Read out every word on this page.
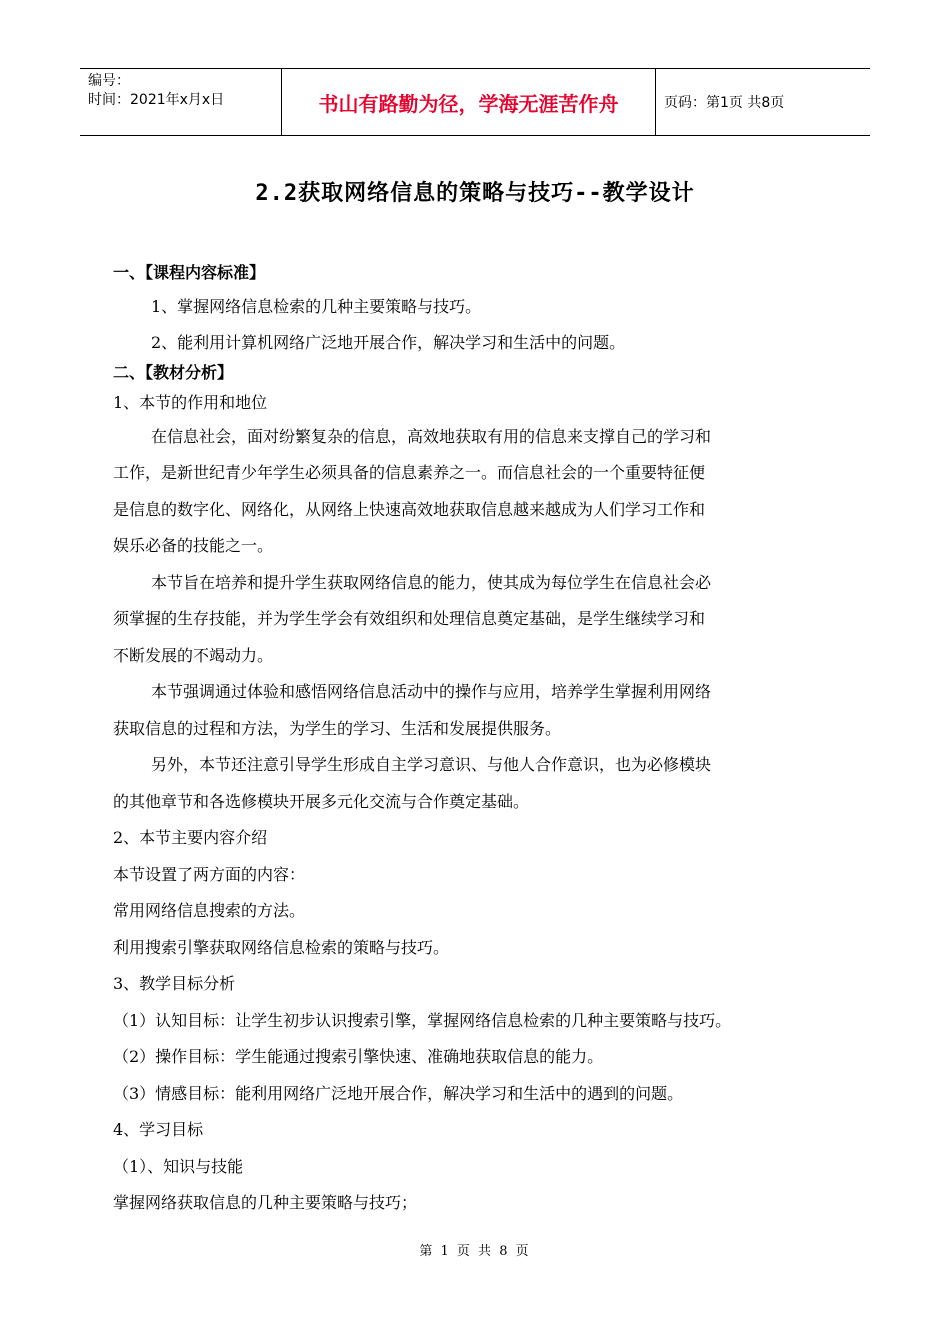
编号：
时间：2021年x月x日	书山有路勤为径，学海无涯苦作舟	页码：第1页 共8页
2.2获取网络信息的策略与技巧--教学设计
一、【课程内容标准】
1、掌握网络信息检索的几种主要策略与技巧。
2、能利用计算机网络广泛地开展合作，解决学习和生活中的问题。
二、【教材分析】
1、本节的作用和地位
在信息社会，面对纷繁复杂的信息，高效地获取有用的信息来支撑自己的学习和
工作，是新世纪青少年学生必须具备的信息素养之一。而信息社会的一个重要特征便
是信息的数字化、网络化，从网络上快速高效地获取信息越来越成为人们学习工作和
娱乐必备的技能之一。
本节旨在培养和提升学生获取网络信息的能力，使其成为每位学生在信息社会必
须掌握的生存技能，并为学生学会有效组织和处理信息奠定基础，是学生继续学习和
不断发展的不竭动力。
本节强调通过体验和感悟网络信息活动中的操作与应用，培养学生掌握利用网络
获取信息的过程和方法，为学生的学习、生活和发展提供服务。
另外，本节还注意引导学生形成自主学习意识、与他人合作意识，也为必修模块
的其他章节和各选修模块开展多元化交流与合作奠定基础。
2、本节主要内容介绍
本节设置了两方面的内容：
常用网络信息搜索的方法。
利用搜索引擎获取网络信息检索的策略与技巧。
3、教学目标分析
（1）认知目标：让学生初步认识搜索引擎，掌握网络信息检索的几种主要策略与技巧。
（2）操作目标：学生能通过搜索引擎快速、准确地获取信息的能力。
（3）情感目标：能利用网络广泛地开展合作，解决学习和生活中的遇到的问题。
4、学习目标
（1）、知识与技能
掌握网络获取信息的几种主要策略与技巧；
第 1 页 共 8 页
